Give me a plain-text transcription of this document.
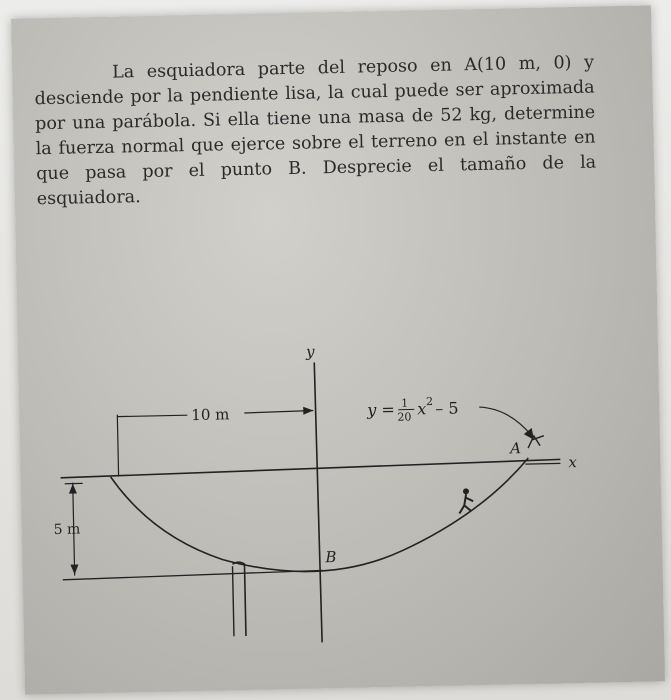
La esquiadora parte del reposo en A(10 m, 0) y desciende por la pendiente lisa, la cual puede ser aproximada por una parábola. Si ella tiene una masa de 52 kg, determine la fuerza normal que ejerce sobre el terreno en el instante en que pasa por el punto B. Desprecie el tamaño de la esquiadora.

x
y
10 m
5 m
y = 1
20 x 2 – 5
A
B
